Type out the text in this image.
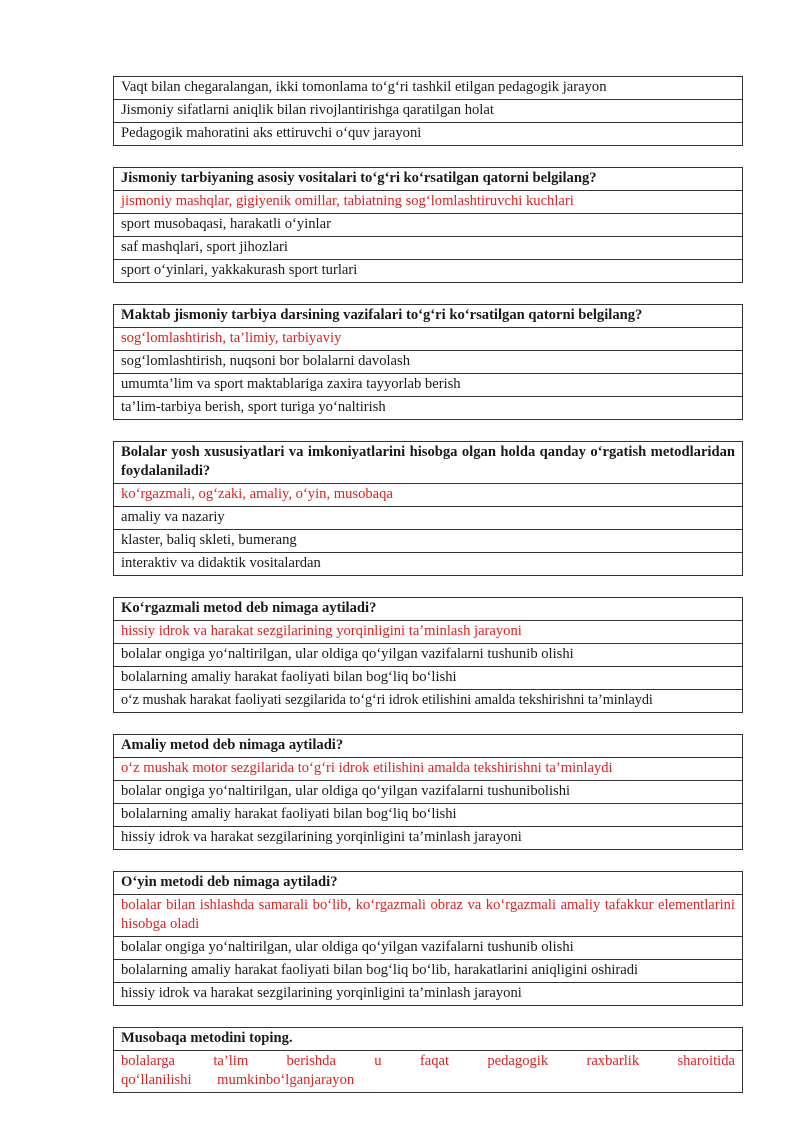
Vaqt bilan chegaralangan, ikki tomonlama to‘g‘ri tashkil etilgan pedagogik jarayon
Jismoniy sifatlarni aniqlik bilan rivojlantirishga qaratilgan holat
Pedagogik mahoratini aks ettiruvchi o‘quv jarayoni
Jismoniy tarbiyaning asosiy vositalari to‘g‘ri ko‘rsatilgan qatorni belgilang?
jismoniy mashqlar, gigiyenik omillar, tabiatning sog‘lomlashtiruvchi kuchlari
sport musobaqasi, harakatli o‘yinlar
saf mashqlari, sport jihozlari
sport o‘yinlari, yakkakurash sport turlari
Maktab jismoniy tarbiya darsining vazifalari to‘g‘ri ko‘rsatilgan qatorni belgilang?
sog‘lomlashtirish, ta’limiy, tarbiyaviy
sog‘lomlashtirish, nuqsoni bor bolalarni davolash
umumta’lim va sport maktablariga zaxira tayyorlab berish
ta’lim-tarbiya berish, sport turiga yo‘naltirish
Bolalar yosh xususiyatlari va imkoniyatlarini hisobga olgan holda qanday o‘rgatish metodlaridan foydalaniladi?
ko‘rgazmali, og‘zaki, amaliy, o‘yin, musobaqa
amaliy va nazariy
klaster, baliq skleti, bumerang
interaktiv va didaktik vositalardan
Ko‘rgazmali metod deb nimaga aytiladi?
hissiy idrok va harakat sezgilarining yorqinligini ta’minlash jarayoni
bolalar ongiga yo‘naltirilgan, ular oldiga qo‘yilgan vazifalarni tushunib olishi
bolalarning amaliy harakat faoliyati bilan bog‘liq bo‘lishi
o‘z mushak harakat faoliyati sezgilarida to‘g‘ri idrok etilishini amalda tekshirishni ta’minlaydi
Amaliy metod deb nimaga aytiladi?
o‘z mushak motor sezgilarida to‘g‘ri idrok etilishini amalda tekshirishni ta’minlaydi
bolalar ongiga yo‘naltirilgan, ular oldiga qo‘yilgan vazifalarni tushunibolishi
bolalarning amaliy harakat faoliyati bilan bog‘liq bo‘lishi
hissiy idrok va harakat sezgilarining yorqinligini ta’minlash jarayoni
O‘yin metodi deb nimaga aytiladi?
bolalar bilan ishlashda samarali bo‘lib, ko‘rgazmali obraz va ko‘rgazmali amaliy tafakkur elementlarini hisobga oladi
bolalar ongiga yo‘naltirilgan, ular oldiga qo‘yilgan vazifalarni tushunib olishi
bolalarning amaliy harakat faoliyati bilan bog‘liq bo‘lib, harakatlarini aniqligini oshiradi
hissiy idrok va harakat sezgilarining yorqinligini ta’minlash jarayoni
Musobaqa metodini toping.
bolalarga ta’lim berishda u faqat pedagogik raxbarlik sharoitida qo‘llanilishi mumkinbo‘lganjarayon
